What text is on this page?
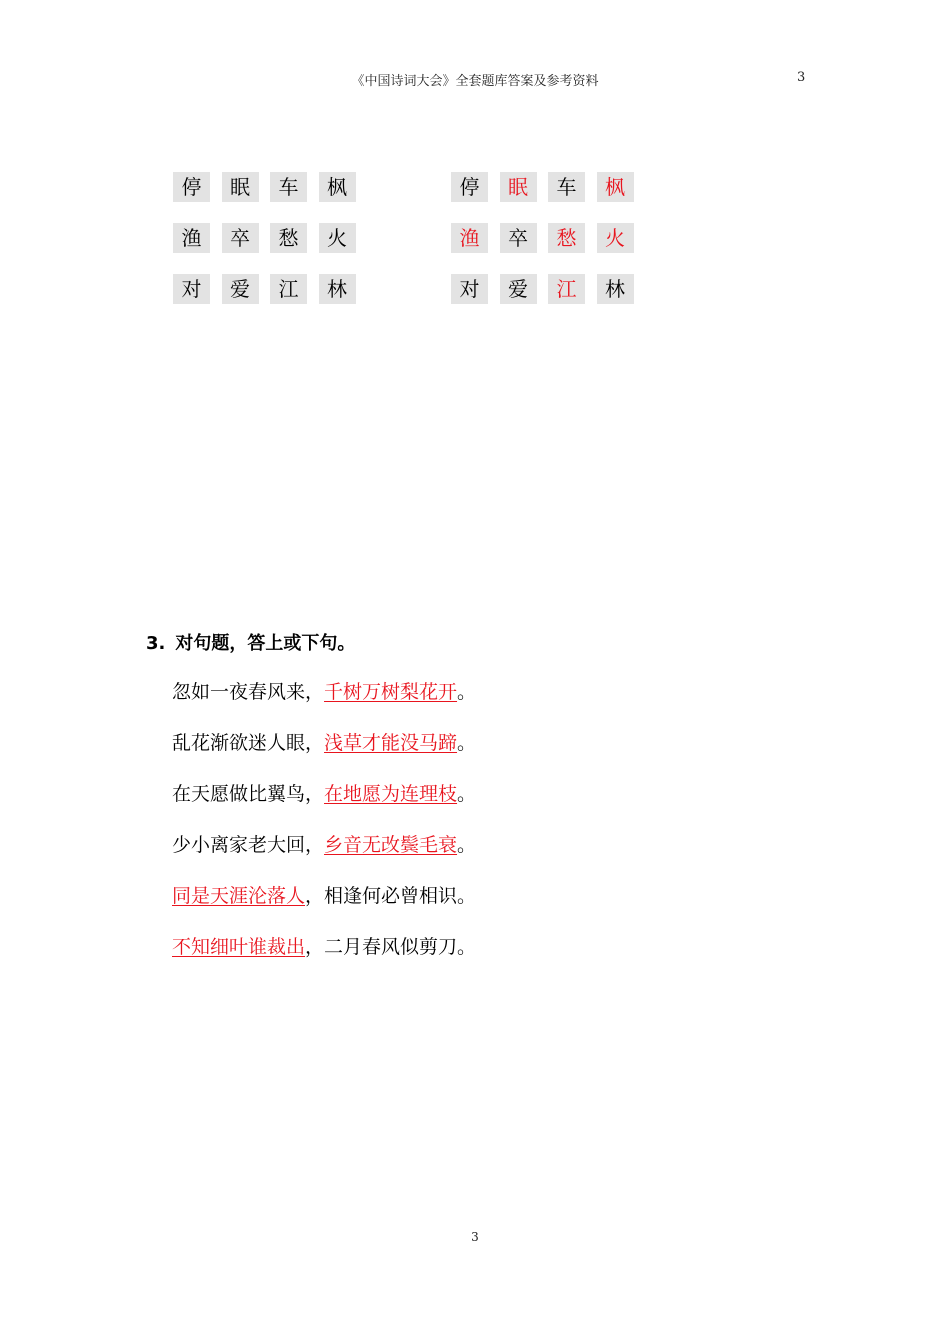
《中国诗词大会》全套题库答案及参考资料	3
停	眠	车	枫
渔	卒	愁	火
对	爱	江	林
停	眠	车	枫
渔	卒	愁	火
对	爱	江	林
3. 对句题，答上或下句。
忽如一夜春风来，千树万树梨花开。
乱花渐欲迷人眼，浅草才能没马蹄。
在天愿做比翼鸟，在地愿为连理枝。
少小离家老大回，乡音无改鬓毛衰。
同是天涯沦落人，相逢何必曾相识。
不知细叶谁裁出，二月春风似剪刀。
3
